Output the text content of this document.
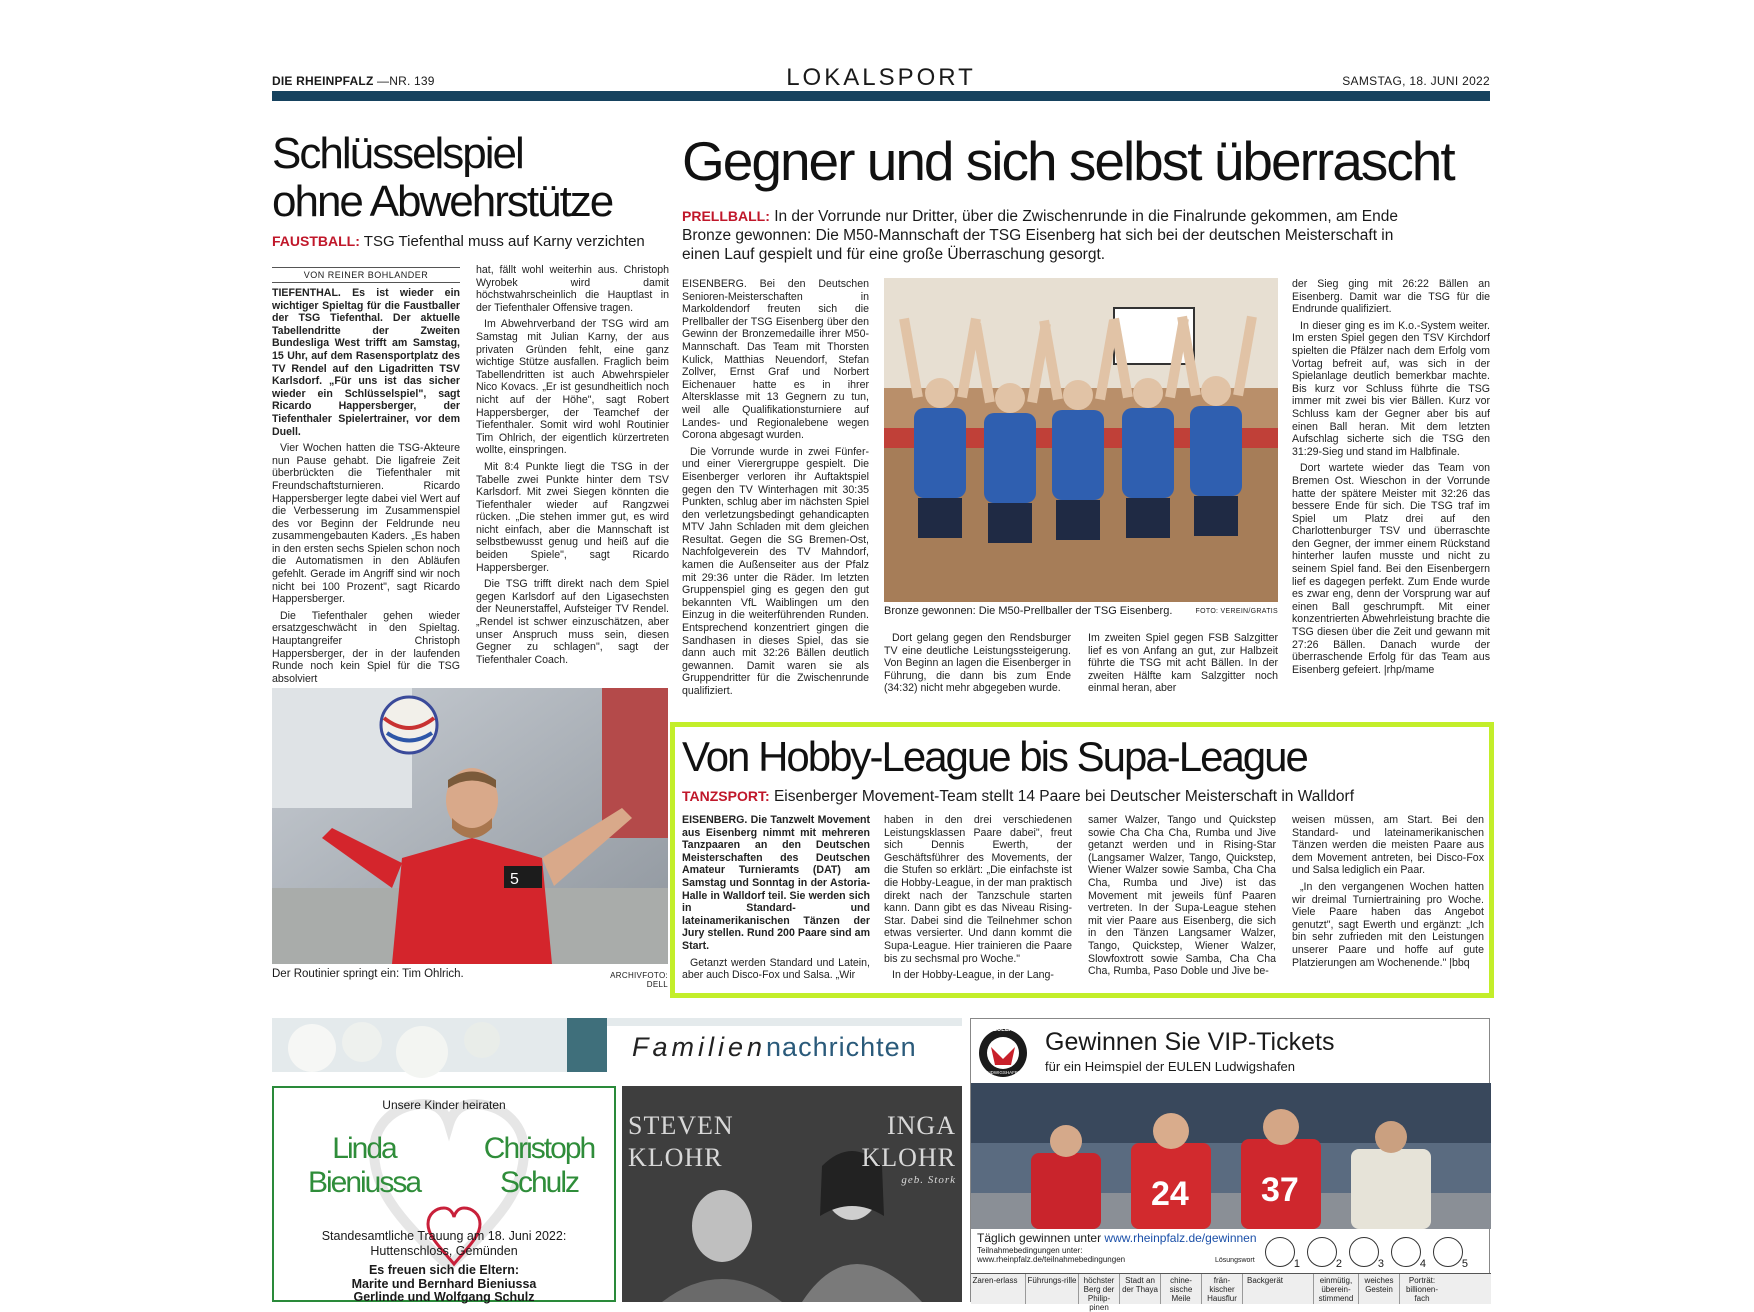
DIE RHEINPFALZ —NR. 139	LOKALSPORT	SAMSTAG, 18. JUNI 2022
Schlüsselspiel
ohne Abwehrstütze
FAUSTBALL: TSG Tiefenthal muss auf Karny verzichten
VON REINER BOHLANDER

TIEFENTHAL. Es ist wieder ein wichtiger Spieltag für die Faustballer der TSG Tiefenthal. Der aktuelle Tabellendritte der Zweiten Bundesliga West trifft am Samstag, 15 Uhr, auf dem Rasensportplatz des TV Rendel auf den Ligadritten TSV Karlsdorf. „Für uns ist das sicher wieder ein Schlüsselspiel", sagt Ricardo Happersberger, der Tiefenthaler Spielertrainer, vor dem Duell.

Vier Wochen hatten die TSG-Akteure nun Pause gehabt. Die ligafreie Zeit überbrückten die Tiefenthaler mit Freundschaftsturnieren. Ricardo Happersberger legte dabei viel Wert auf die Verbesserung im Zusammenspiel des vor Beginn der Feldrunde neu zusammengebauten Kaders. „Es haben in den ersten sechs Spielen schon noch die Automatismen in den Abläufen gefehlt. Gerade im Angriff sind wir noch nicht bei 100 Prozent", sagt Ricardo Happersberger.

Die Tiefenthaler gehen wieder ersatzgeschwächt in den Spieltag. Hauptangreifer Christoph Happersberger, der in der laufenden Runde noch kein Spiel für die TSG absolviert

hat, fällt wohl weiterhin aus. Christoph Wyrobek wird damit höchstwahrscheinlich die Hauptlast in der Tiefenthaler Offensive tragen.

Im Abwehrverband der TSG wird am Samstag mit Julian Karny, der aus privaten Gründen fehlt, eine ganz wichtige Stütze ausfallen. Fraglich beim Tabellendritten ist auch Abwehrspieler Nico Kovacs. „Er ist gesundheitlich noch nicht auf der Höhe", sagt Robert Happersberger, der Teamchef der Tiefenthaler. Somit wird wohl Routinier Tim Ohlrich, der eigentlich kürzertreten wollte, einspringen.

Mit 8:4 Punkte liegt die TSG in der Tabelle zwei Punkte hinter dem TSV Karlsdorf. Mit zwei Siegen könnten die Tiefenthaler wieder auf Rangzwei rücken. „Die stehen immer gut, es wird nicht einfach, aber die Mannschaft ist selbstbewusst genug und heiß auf die beiden Spiele", sagt Ricardo Happersberger.

Die TSG trifft direkt nach dem Spiel gegen Karlsdorf auf den Ligasechsten der Neunerstaffel, Aufsteiger TV Rendel. „Rendel ist schwer einzuschätzen, aber unser Anspruch muss sein, diesen Gegner zu schlagen", sagt der Tiefenthaler Coach.

5
Der Routinier springt ein: Tim Ohlrich.	ARCHIVFOTO: DELL
Gegner und sich selbst überrascht
PRELLBALL: In der Vorrunde nur Dritter, über die Zwischenrunde in die Finalrunde gekommen, am Ende Bronze gewonnen: Die M50-Mannschaft der TSG Eisenberg hat sich bei der deutschen Meisterschaft in einen Lauf gespielt und für eine große Überraschung gesorgt.

EISENBERG. Bei den Deutschen Senioren-Meisterschaften in Markoldendorf freuten sich die Prellballer der TSG Eisenberg über den Gewinn der Bronzemedaille ihrer M50-Mannschaft. Das Team mit Thorsten Kulick, Matthias Neuendorf, Stefan Zollver, Ernst Graf und Norbert Eichenauer hatte es in ihrer Altersklasse mit 13 Gegnern zu tun, weil alle Qualifikationsturniere auf Landes- und Regionalebene wegen Corona abgesagt wurden.

Die Vorrunde wurde in zwei Fünfer- und einer Vierergruppe gespielt. Die Eisenberger verloren ihr Auftaktspiel gegen den TV Winterhagen mit 30:35 Punkten, schlug aber im nächsten Spiel den verletzungsbedingt gehandicapten MTV Jahn Schladen mit dem gleichen Resultat. Gegen die SG Bremen-Ost, Nachfolgeverein des TV Mahndorf, kamen die Außenseiter aus der Pfalz mit 29:36 unter die Räder. Im letzten Gruppenspiel ging es gegen den gut bekannten VfL Waiblingen um den Einzug in die weiterführenden Runden. Entsprechend konzentriert gingen die Sandhasen in dieses Spiel, das sie dann auch mit 32:26 Bällen deutlich gewannen. Damit waren sie als Gruppendritter für die Zwischenrunde qualifiziert.

Bronze gewonnen: Die M50-Prellballer der TSG Eisenberg.	FOTO: VEREIN/GRATIS

Dort gelang gegen den Rendsburger TV eine deutliche Leistungssteigerung. Von Beginn an lagen die Eisenberger in Führung, die dann bis zum Ende (34:32) nicht mehr abgegeben wurde.

Im zweiten Spiel gegen FSB Salzgitter lief es von Anfang an gut, zur Halbzeit führte die TSG mit acht Bällen. In der zweiten Hälfte kam Salzgitter noch einmal heran, aber

der Sieg ging mit 26:22 Bällen an Eisenberg. Damit war die TSG für die Endrunde qualifiziert.

In dieser ging es im K.o.-System weiter. Im ersten Spiel gegen den TSV Kirchdorf spielten die Pfälzer nach dem Erfolg vom Vortag befreit auf, was sich in der Spielanlage deutlich bemerkbar machte. Bis kurz vor Schluss führte die TSG immer mit zwei bis vier Bällen. Kurz vor Schluss kam der Gegner aber bis auf einen Ball heran. Mit dem letzten Aufschlag sicherte sich die TSG den 31:29-Sieg und stand im Halbfinale.

Dort wartete wieder das Team von Bremen Ost. Wieschon in der Vorrunde hatte der spätere Meister mit 32:26 das bessere Ende für sich. Die TSG traf im Spiel um Platz drei auf den Charlottenburger TSV und überraschte den Gegner, der immer einem Rückstand hinterher laufen musste und nicht zu seinem Spiel fand. Bei den Eisenbergern lief es dagegen perfekt. Zum Ende wurde es zwar eng, denn der Vorsprung war auf einen Ball geschrumpft. Mit einer konzentrierten Abwehrleistung brachte die TSG diesen über die Zeit und gewann mit 27:26 Bällen. Danach wurde der überraschende Erfolg für das Team aus Eisenberg gefeiert. |rhp/mame

Von Hobby-League bis Supa-League
TANZSPORT: Eisenberger Movement-Team stellt 14 Paare bei Deutscher Meisterschaft in Walldorf

EISENBERG. Die Tanzwelt Movement aus Eisenberg nimmt mit mehreren Tanzpaaren an den Deutschen Meisterschaften des Deutschen Amateur Turnieramts (DAT) am Samstag und Sonntag in der Astoria-Halle in Walldorf teil. Sie werden sich in Standard- und lateinamerikanischen Tänzen der Jury stellen. Rund 200 Paare sind am Start.

Getanzt werden Standard und Latein, aber auch Disco-Fox und Salsa. „Wir

haben in den drei verschiedenen Leistungsklassen Paare dabei", freut sich Dennis Ewerth, der Geschäftsführer des Movements, der die Stufen so erklärt: „Die einfachste ist die Hobby-League, in der man praktisch direkt nach der Tanzschule starten kann. Dann gibt es das Niveau Rising-Star. Dabei sind die Teilnehmer schon etwas versierter. Und dann kommt die Supa-League. Hier trainieren die Paare bis zu sechsmal pro Woche."

In der Hobby-League, in der Lang-

samer Walzer, Tango und Quickstep sowie Cha Cha Cha, Rumba und Jive getanzt werden und in Rising-Star (Langsamer Walzer, Tango, Quickstep, Wiener Walzer sowie Samba, Cha Cha Cha, Rumba und Jive) ist das Movement mit jeweils fünf Paaren vertreten. In der Supa-League stehen mit vier Paare aus Eisenberg, die sich in den Tänzen Langsamer Walzer, Tango, Quickstep, Wiener Walzer, Slowfoxtrott sowie Samba, Cha Cha Cha, Rumba, Paso Doble und Jive be-

weisen müssen, am Start. Bei den Standard- und lateinamerikanischen Tänzen werden die meisten Paare aus dem Movement antreten, bei Disco-Fox und Salsa lediglich ein Paar.

„In den vergangenen Wochen hatten wir dreimal Turniertraining pro Woche. Viele Paare haben das Angebot genutzt", sagt Ewerth und ergänzt: „Ich bin sehr zufrieden mit den Leistungen unserer Paare und hoffe auf gute Platzierungen am Wochenende." |bbq

Familiennachrichten
Unsere Kinder heiraten
Linda
Bieniussa
Christoph
Schulz
Standesamtliche Trauung am 18. Juni 2022:
Huttenschloss, Gemünden
Es freuen sich die Eltern:
Marite und Bernhard Bieniussa
Gerlinde und Wolfgang Schulz
STEVEN
KLOHR
INGA
KLOHR
geb. Stork
EULEN
LUDWIGSHAFEN
Gewinnen Sie VIP-Tickets
für ein Heimspiel der EULEN Ludwigshafen
24 37
Täglich gewinnen unter www.rheinpfalz.de/gewinnen
Teilnahmebedingungen unter:
www.rheinpfalz.de/teilnahmebedingungen	Lösungswort	1	2	3	4	5
Zaren-erlass	Führungs-rille höchster Berg der Philip-pinen
Stadt an der Thaya
chine-sische Meile
frän-kischer Hausflur
Backgerät	einmütig, überein-stimmend
weiches Gestein
Porträt: billionen-fach
